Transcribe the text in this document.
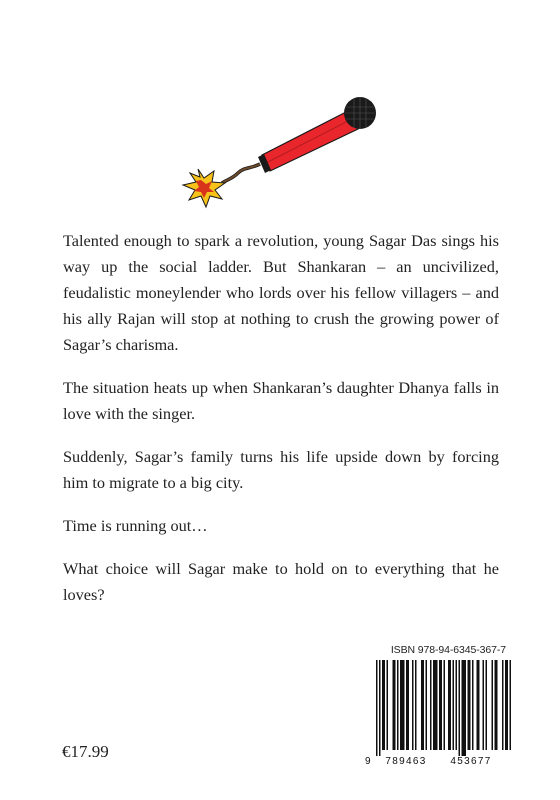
Talented enough to spark a revolution, young Sagar Das sings his way up the social ladder. But Shankaran – an uncivilized, feudalistic moneylender who lords over his fellow villagers – and his ally Rajan will stop at nothing to crush the growing power of Sagar’s charisma.

The situation heats up when Shankaran’s daughter Dhanya falls in love with the singer.

Suddenly, Sagar’s family turns his life upside down by forcing him to migrate to a big city.

Time is running out…

What choice will Sagar make to hold on to everything that he loves?

ISBN 978-94-6345-367-7
9 789463 453677
€17.99
